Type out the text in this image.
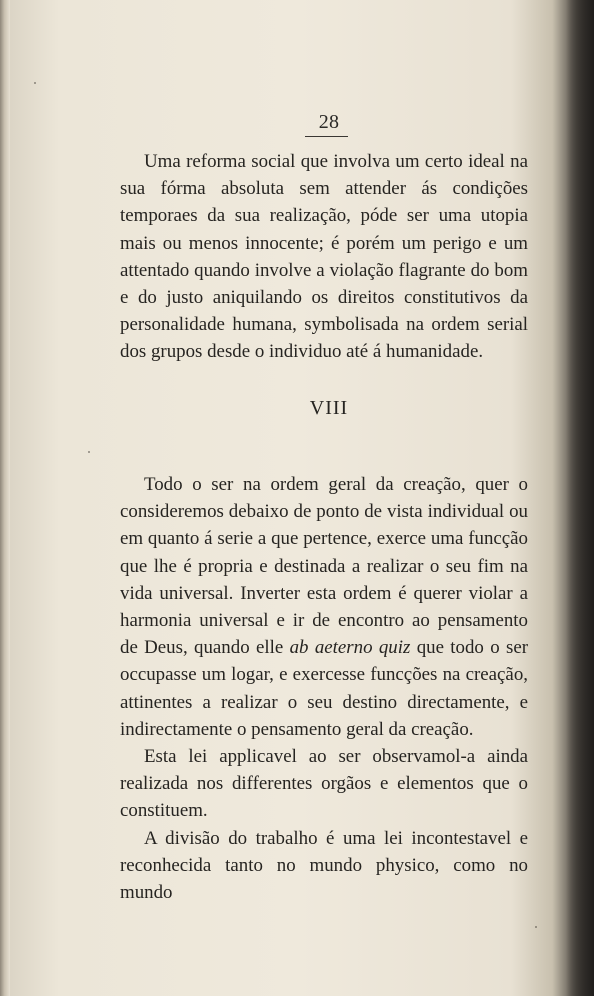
28

Uma reforma social que involva um certo ideal na sua fórma absoluta sem attender ás condições temporaes da sua realização, póde ser uma utopia mais ou menos innocente; é porém um perigo e um attentado quando involve a violação flagrante do bom e do justo aniquilando os direitos constitutivos da personalidade humana, symbolisada na ordem serial dos grupos desde o individuo até á humanidade.

VIII

Todo o ser na ordem geral da creação, quer o consideremos debaixo de ponto de vista individual ou em quanto á serie a que pertence, exerce uma funcção que lhe é propria e destinada a realizar o seu fim na vida universal. Inverter esta ordem é querer violar a harmonia universal e ir de encontro ao pensamento de Deus, quando elle ab aeterno quiz que todo o ser occupasse um logar, e exercesse funcções na creação, attinentes a realizar o seu destino directamente, e indirectamente o pensamento geral da creação.

Esta lei applicavel ao ser observamol-a ainda realizada nos differentes orgãos e elementos que o constituem.

A divisão do trabalho é uma lei incontestavel e reconhecida tanto no mundo physico, como no mundo
